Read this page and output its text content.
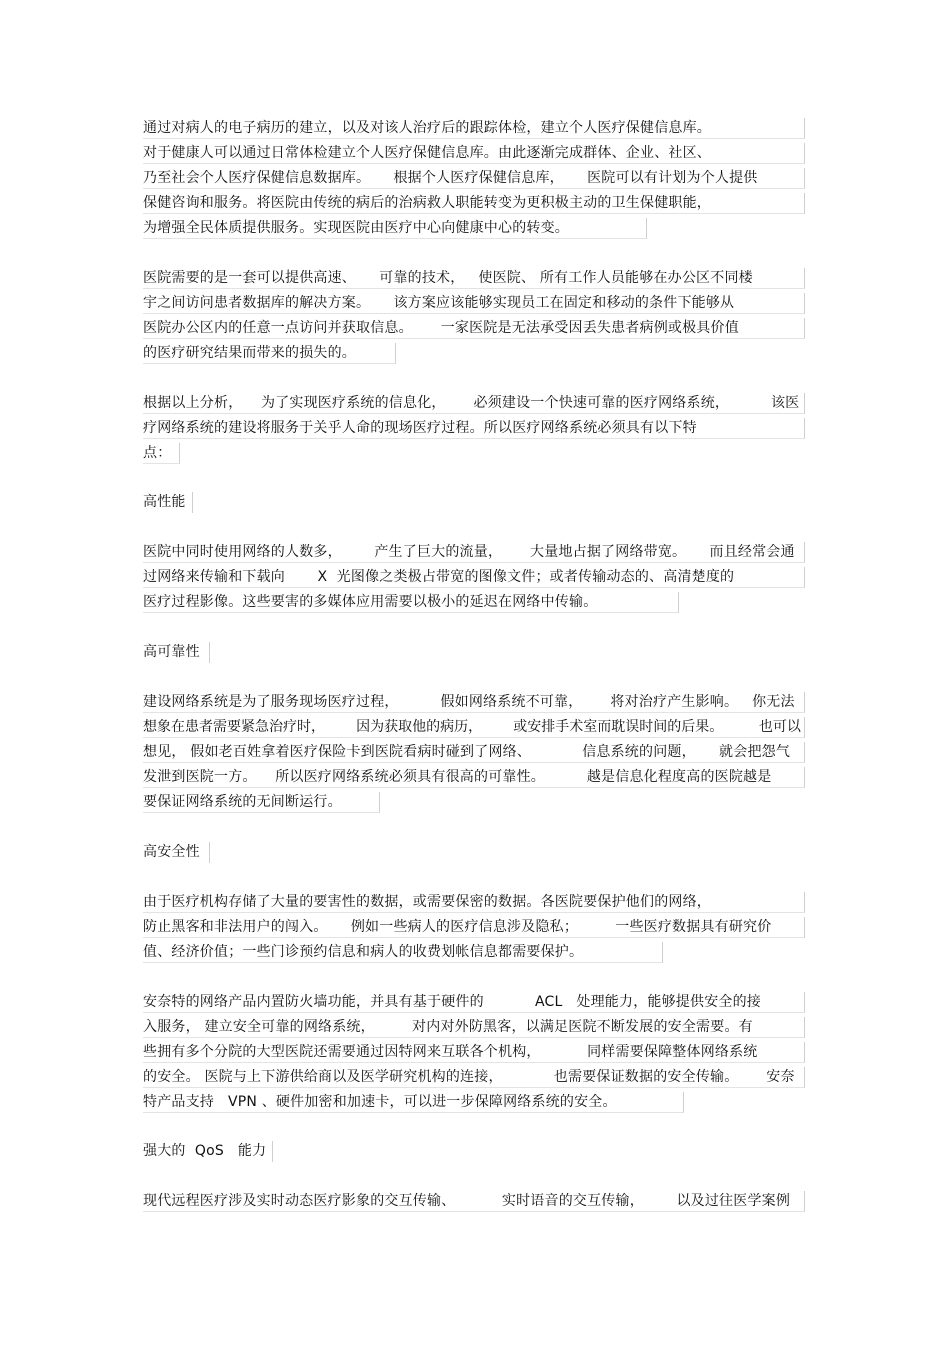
通过对病人的电子病历的建立，以及对该人治疗后的跟踪体检，建立个人医疗保健信息库。
对于健康人可以通过日常体检建立个人医疗保健信息库。由此逐渐完成群体、企业、社区、
乃至社会个人医疗保健信息数据库。     根据个人医疗保健信息库，     医院可以有计划为个人提供
保健咨询和服务。将医院由传统的病后的治病救人职能转变为更积极主动的卫生保健职能，
为增强全民体质提供服务。实现医院由医疗中心向健康中心的转变。
医院需要的是一套可以提供高速、     可靠的技术，   使医院、 所有工作人员能够在办公区不同楼
宇之间访问患者数据库的解决方案。     该方案应该能够实现员工在固定和移动的条件下能够从
医院办公区内的任意一点访问并获取信息。      一家医院是无法承受因丢失患者病例或极具价值
的医疗研究结果而带来的损失的。
根据以上分析，    为了实现医疗系统的信息化，      必须建设一个快速可靠的医疗网络系统，         该医
疗网络系统的建设将服务于关乎人命的现场医疗过程。所以医疗网络系统必须具有以下特
点：
高性能
医院中同时使用网络的人数多，       产生了巨大的流量，      大量地占据了网络带宽。     而且经常会通
过网络来传输和下载向       X  光图像之类极占带宽的图像文件；或者传输动态的、高清楚度的
医疗过程影像。这些要害的多媒体应用需要以极小的延迟在网络中传输。
高可靠性
建设网络系统是为了服务现场医疗过程，         假如网络系统不可靠，      将对治疗产生影响。   你无法
想象在患者需要紧急治疗时，       因为获取他的病历，       或安排手术室而耽误时间的后果。        也可以
想见， 假如老百姓拿着医疗保险卡到医院看病时碰到了网络、           信息系统的问题，     就会把怨气
发泄到医院一方。    所以医疗网络系统必须具有很高的可靠性。         越是信息化程度高的医院越是
要保证网络系统的无间断运行。
高安全性
由于医疗机构存储了大量的要害性的数据，或需要保密的数据。各医院要保护他们的网络，
防止黑客和非法用户的闯入。     例如一些病人的医疗信息涉及隐私；        一些医疗数据具有研究价
值、经济价值；一些门诊预约信息和病人的收费划帐信息都需要保护。
安奈特的网络产品内置防火墙功能，并具有基于硬件的           ACL   处理能力，能够提供安全的接
入服务， 建立安全可靠的网络系统，        对内对外防黑客，以满足医院不断发展的安全需要。有
些拥有多个分院的大型医院还需要通过因特网来互联各个机构，          同样需要保障整体网络系统
的安全。 医院与上下游供给商以及医学研究机构的连接，           也需要保证数据的安全传输。      安奈
特产品支持   VPN 、硬件加密和加速卡，可以进一步保障网络系统的安全。
强大的  QoS   能力
现代远程医疗涉及实时动态医疗影象的交互传输、          实时语音的交互传输，       以及过往医学案例
